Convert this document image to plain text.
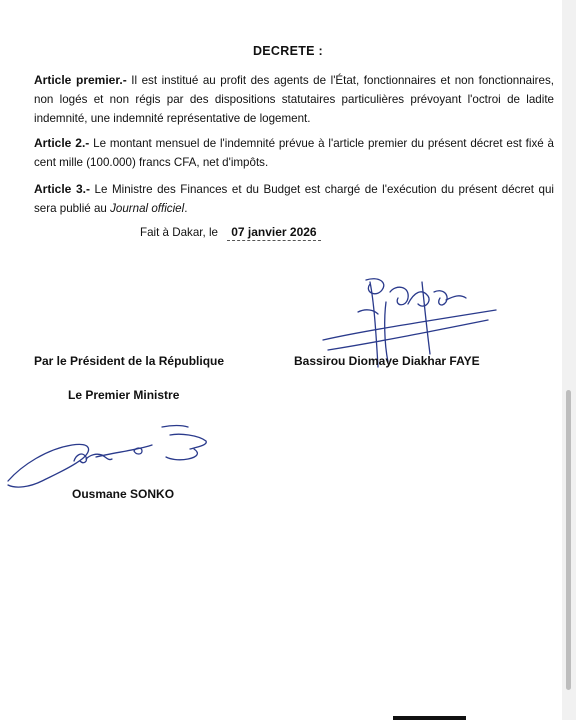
DECRETE :
Article premier.- Il est institué au profit des agents de l'État, fonctionnaires et non fonctionnaires, non logés et non régis par des dispositions statutaires particulières prévoyant l'octroi de ladite indemnité, une indemnité représentative de logement.
Article 2.- Le montant mensuel de l'indemnité prévue à l'article premier du présent décret est fixé à cent mille (100.000) francs CFA, net d'impôts.
Article 3.- Le Ministre des Finances et du Budget est chargé de l'exécution du présent décret qui sera publié au Journal officiel.
Fait à Dakar, le 07 janvier 2026
Par le Président de la République	Bassirou Diomaye Diakhar FAYE
Le Premier Ministre
Ousmane SONKO
